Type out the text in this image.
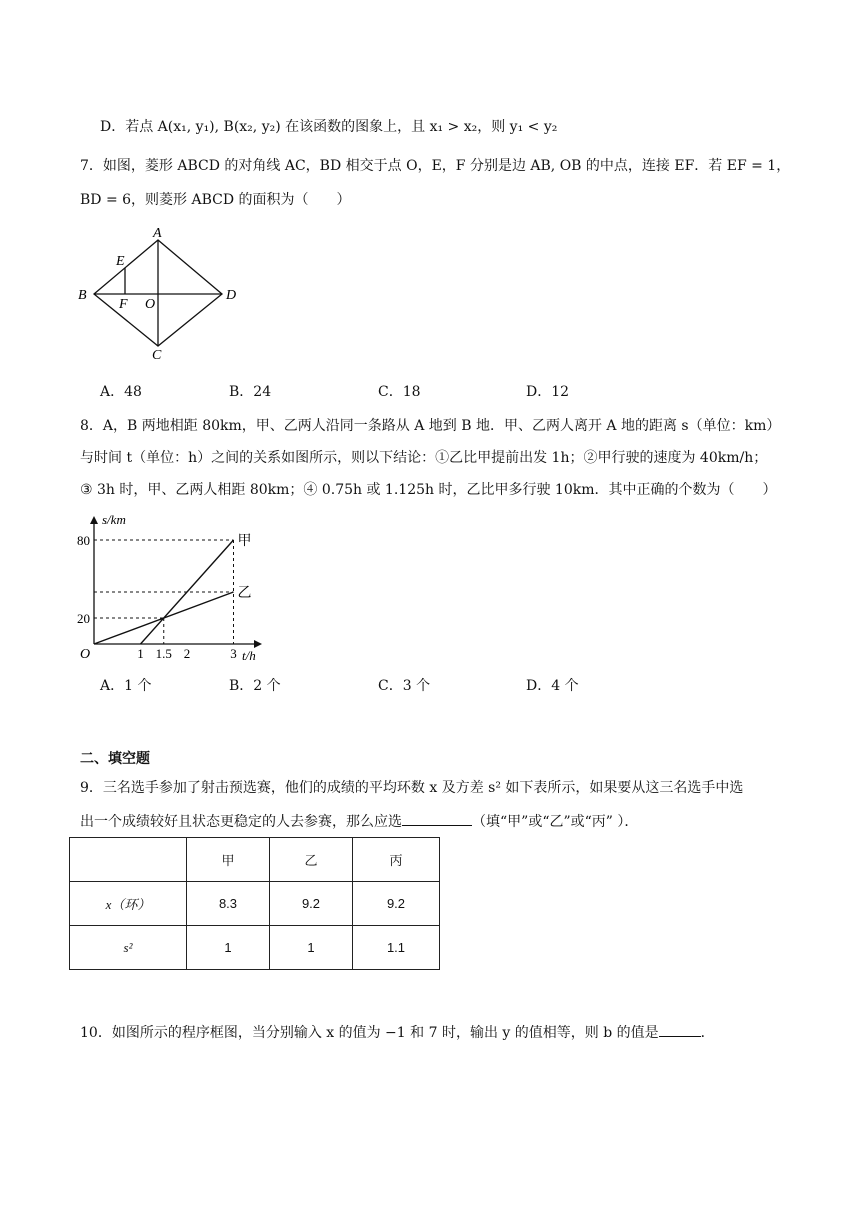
D．若点 A(x₁, y₁), B(x₂, y₂) 在该函数的图象上，且 x₁ > x₂，则 y₁ < y₂
7．如图，菱形 ABCD 的对角线 AC，BD 相交于点 O，E，F 分别是边 AB, OB 的中点，连接 EF．若 EF = 1，
BD = 6，则菱形 ABCD 的面积为（　　）
A
B
C
D
E
F O
A．48	B．24	C．18	D．12
8．A，B 两地相距 80km，甲、乙两人沿同一条路从 A 地到 B 地．甲、乙两人离开 A 地的距离 s（单位：km）
与时间 t（单位：h）之间的关系如图所示，则以下结论：①乙比甲提前出发 1h；②甲行驶的速度为 40km/h；
③ 3h 时，甲、乙两人相距 80km；④ 0.75h 或 1.125h 时，乙比甲多行驶 10km．其中正确的个数为（　　）
s/km
t/h
O
甲
乙
1 1.5 2	3
20
80
A．1 个	B．2 个	C．3 个	D．4 个
二、填空题
9．三名选手参加了射击预选赛，他们的成绩的平均环数 x 及方差 s² 如下表所示，如果要从这三名选手中选
出一个成绩较好且状态更稳定的人去参赛，那么应选	（填“甲”或“乙”或“丙” ）．
	甲	乙	丙
x（环）	8.3	9.2	9.2
s²	1	1	1.1
10．如图所示的程序框图，当分别输入 x 的值为 −1 和 7 时，输出 y 的值相等，则 b 的值是	．
